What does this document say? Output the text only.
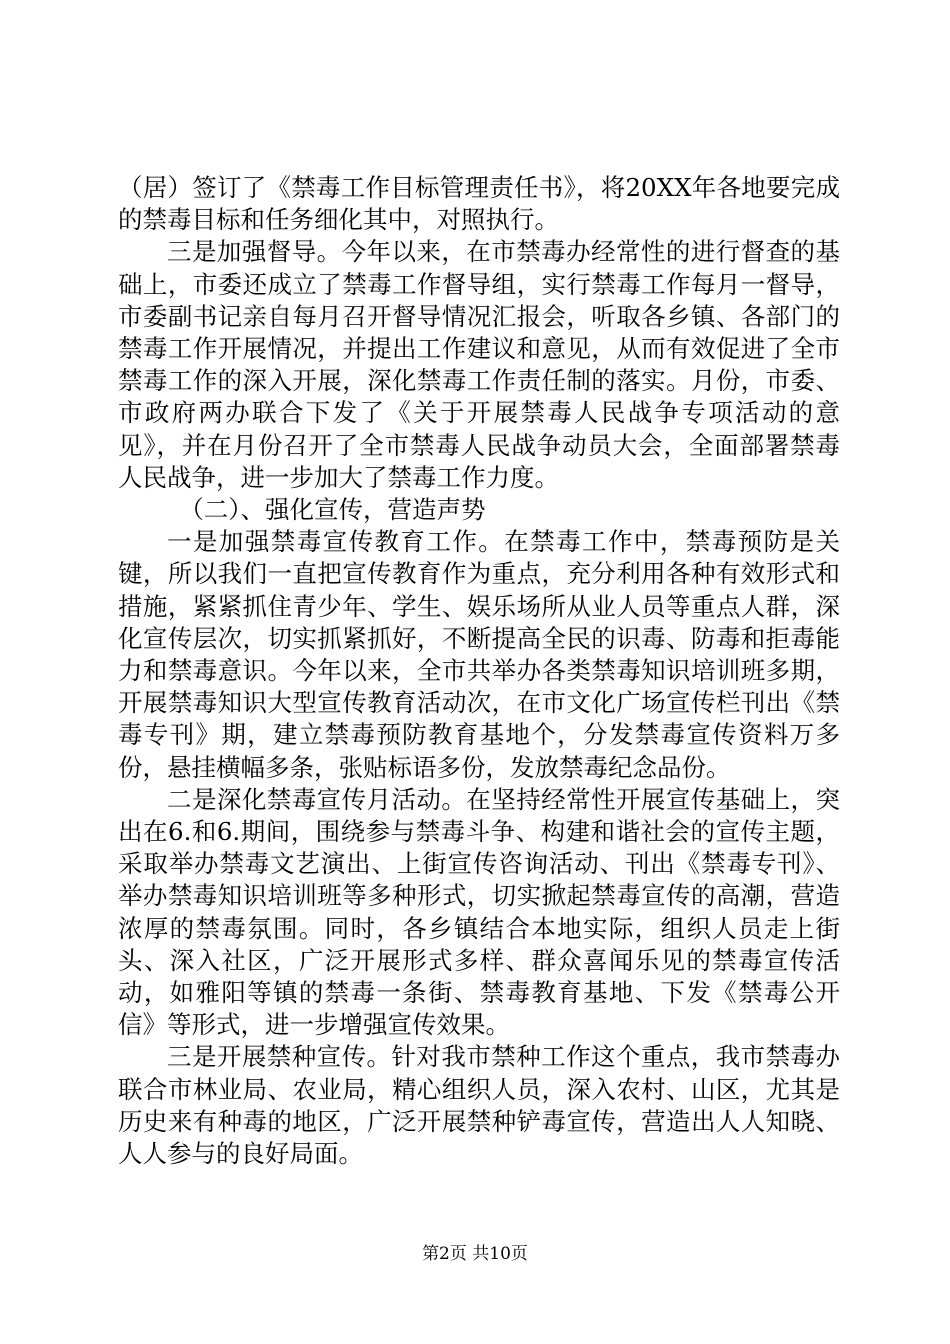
（居）签订了《禁毒工作目标管理责任书》，将20XX年各地要完成的禁毒目标和任务细化其中，对照执行。

三是加强督导。今年以来，在市禁毒办经常性的进行督查的基础上，市委还成立了禁毒工作督导组，实行禁毒工作每月一督导，市委副书记亲自每月召开督导情况汇报会，听取各乡镇、各部门的禁毒工作开展情况，并提出工作建议和意见，从而有效促进了全市禁毒工作的深入开展，深化禁毒工作责任制的落实。月份，市委、市政府两办联合下发了《关于开展禁毒人民战争专项活动的意见》，并在月份召开了全市禁毒人民战争动员大会，全面部署禁毒人民战争，进一步加大了禁毒工作力度。

（二）、强化宣传，营造声势

一是加强禁毒宣传教育工作。在禁毒工作中，禁毒预防是关键，所以我们一直把宣传教育作为重点，充分利用各种有效形式和措施，紧紧抓住青少年、学生、娱乐场所从业人员等重点人群，深化宣传层次，切实抓紧抓好，不断提高全民的识毒、防毒和拒毒能力和禁毒意识。今年以来，全市共举办各类禁毒知识培训班多期，开展禁毒知识大型宣传教育活动次，在市文化广场宣传栏刊出《禁毒专刊》期，建立禁毒预防教育基地个，分发禁毒宣传资料万多份，悬挂横幅多条，张贴标语多份，发放禁毒纪念品份。

二是深化禁毒宣传月活动。在坚持经常性开展宣传基础上，突出在6.和6.期间，围绕参与禁毒斗争、构建和谐社会的宣传主题，采取举办禁毒文艺演出、上街宣传咨询活动、刊出《禁毒专刊》、举办禁毒知识培训班等多种形式，切实掀起禁毒宣传的高潮，营造浓厚的禁毒氛围。同时，各乡镇结合本地实际，组织人员走上街头、深入社区，广泛开展形式多样、群众喜闻乐见的禁毒宣传活动，如雅阳等镇的禁毒一条街、禁毒教育基地、下发《禁毒公开信》等形式，进一步增强宣传效果。

三是开展禁种宣传。针对我市禁种工作这个重点，我市禁毒办联合市林业局、农业局，精心组织人员，深入农村、山区，尤其是历史来有种毒的地区，广泛开展禁种铲毒宣传，营造出人人知晓、人人参与的良好局面。

第2页 共10页
